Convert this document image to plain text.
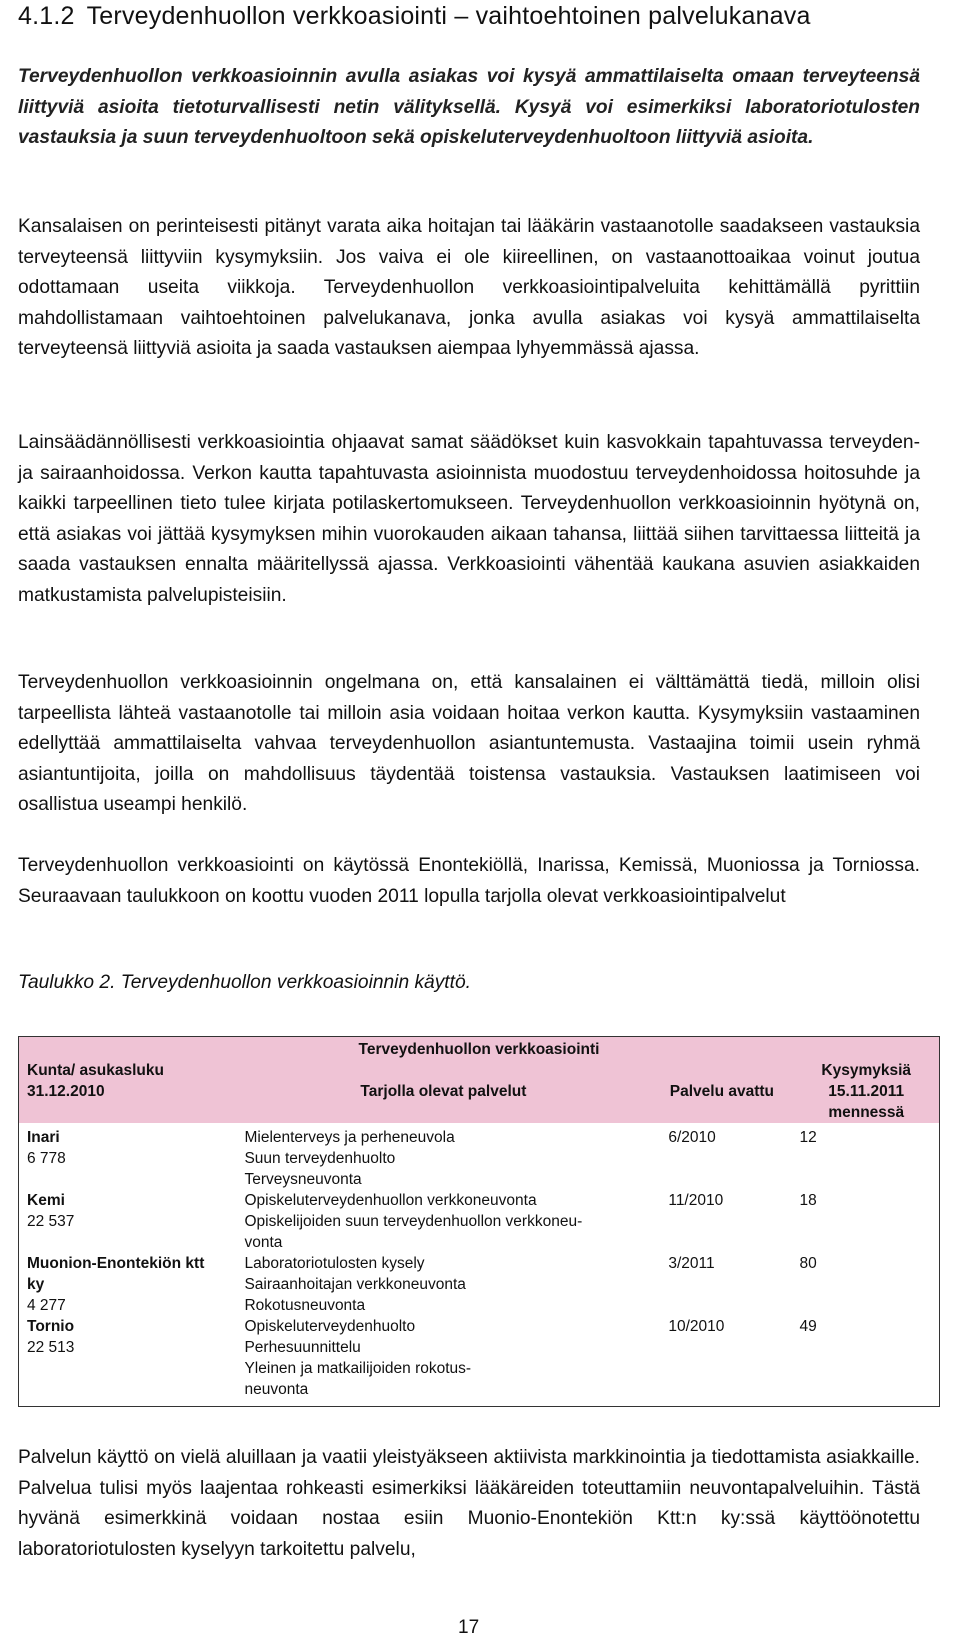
4.1.2 Terveydenhuollon verkkoasiointi – vaihtoehtoinen palvelukanava

Terveydenhuollon verkkoasioinnin avulla asiakas voi kysyä ammattilaiselta omaan terveyteensä liittyviä asioita tietoturvallisesti netin välityksellä. Kysyä voi esimerkiksi laboratoriotulosten vastauksia ja suun terveydenhuoltoon sekä opiskeluterveydenhuoltoon liittyviä asioita.

Kansalaisen on perinteisesti pitänyt varata aika hoitajan tai lääkärin vastaanotolle saadakseen vastauksia terveyteensä liittyviin kysymyksiin. Jos vaiva ei ole kiireellinen, on vastaanottoaikaa voinut joutua odottamaan useita viikkoja. Terveydenhuollon verkkoasiointipalveluita kehittämällä pyrittiin mahdollistamaan vaihtoehtoinen palvelukanava, jonka avulla asiakas voi kysyä ammattilaiselta terveyteensä liittyviä asioita ja saada vastauksen aiempaa lyhyemmässä ajassa.

Lainsäädännöllisesti verkkoasiointia ohjaavat samat säädökset kuin kasvokkain tapahtuvassa terveyden- ja sairaanhoidossa. Verkon kautta tapahtuvasta asioinnista muodostuu terveydenhoidossa hoitosuhde ja kaikki tarpeellinen tieto tulee kirjata potilaskertomukseen. Terveydenhuollon verkkoasioinnin hyötynä on, että asiakas voi jättää kysymyksen mihin vuorokauden aikaan tahansa, liittää siihen tarvittaessa liitteitä ja saada vastauksen ennalta määritellyssä ajassa. Verkkoasiointi vähentää kaukana asuvien asiakkaiden matkustamista palvelupisteisiin.

Terveydenhuollon verkkoasioinnin ongelmana on, että kansalainen ei välttämättä tiedä, milloin olisi tarpeellista lähteä vastaanotolle tai milloin asia voidaan hoitaa verkon kautta. Kysymyksiin vastaaminen edellyttää ammattilaiselta vahvaa terveydenhuollon asiantuntemusta. Vastaajina toimii usein ryhmä asiantuntijoita, joilla on mahdollisuus täydentää toistensa vastauksia. Vastauksen laatimiseen voi osallistua useampi henkilö.

Terveydenhuollon verkkoasiointi on käytössä Enontekiöllä, Inarissa, Kemissä, Muoniossa ja Torniossa. Seuraavaan taulukkoon on koottu vuoden 2011 lopulla tarjolla olevat verkkoasiointipalvelut

Taulukko 2. Terveydenhuollon verkkoasioinnin käyttö.

Terveydenhuollon verkkoasiointi			
Kunta/ asukasluku 31.12.2010	Tarjolla olevat palvelut	Palvelu avattu	Kysymyksiä 15.11.2011 mennessä

Inari
6 778	Mielenterveys ja perheneuvola
Suun terveydenhuolto
Terveysneuvonta	6/2010	12

Kemi
22 537	Opiskeluterveydenhuollon verkkoneuvonta
Opiskelijoiden suun terveydenhuollon verkkoneu-
vonta	11/2010	18

Muonion-Enontekiön ktt ky
4 277	Laboratoriotulosten kysely
Sairaanhoitajan verkkoneuvonta
Rokotusneuvonta	3/2011	80

Tornio
22 513	Opiskeluterveydenhuolto
Perhesuunnittelu
Yleinen ja matkailijoiden rokotus-
neuvonta	10/2010	49

Palvelun käyttö on vielä aluillaan ja vaatii yleistyäkseen aktiivista markkinointia ja tiedottamista asiakkaille. Palvelua tulisi myös laajentaa rohkeasti esimerkiksi lääkäreiden toteuttamiin neuvontapalveluihin. Tästä hyvänä esimerkkinä voidaan nostaa esiin Muonio-Enontekiön Ktt:n ky:ssä käyttöönotettu laboratoriotulosten kyselyyn tarkoitettu palvelu,

17
